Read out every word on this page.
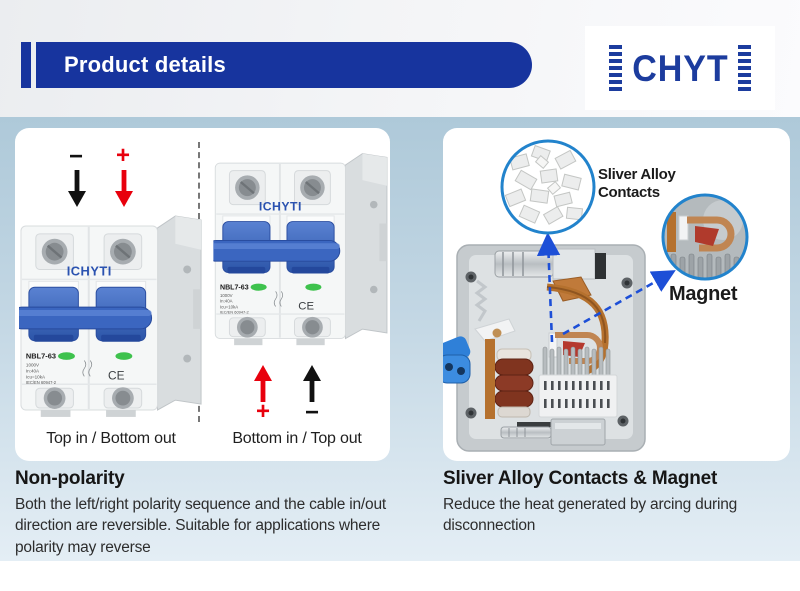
Product details	CHYT
− +
Top in / Bottom out
+ −
Bottom in / Top out
Sliver Alloy
Contacts
Magnet
Non-polarity
Both the left/right polarity sequence and the cable in/out direction are reversible. Suitable for applications where polarity may reverse
Sliver Alloy Contacts & Magnet
Reduce the heat generated by arcing during disconnection
